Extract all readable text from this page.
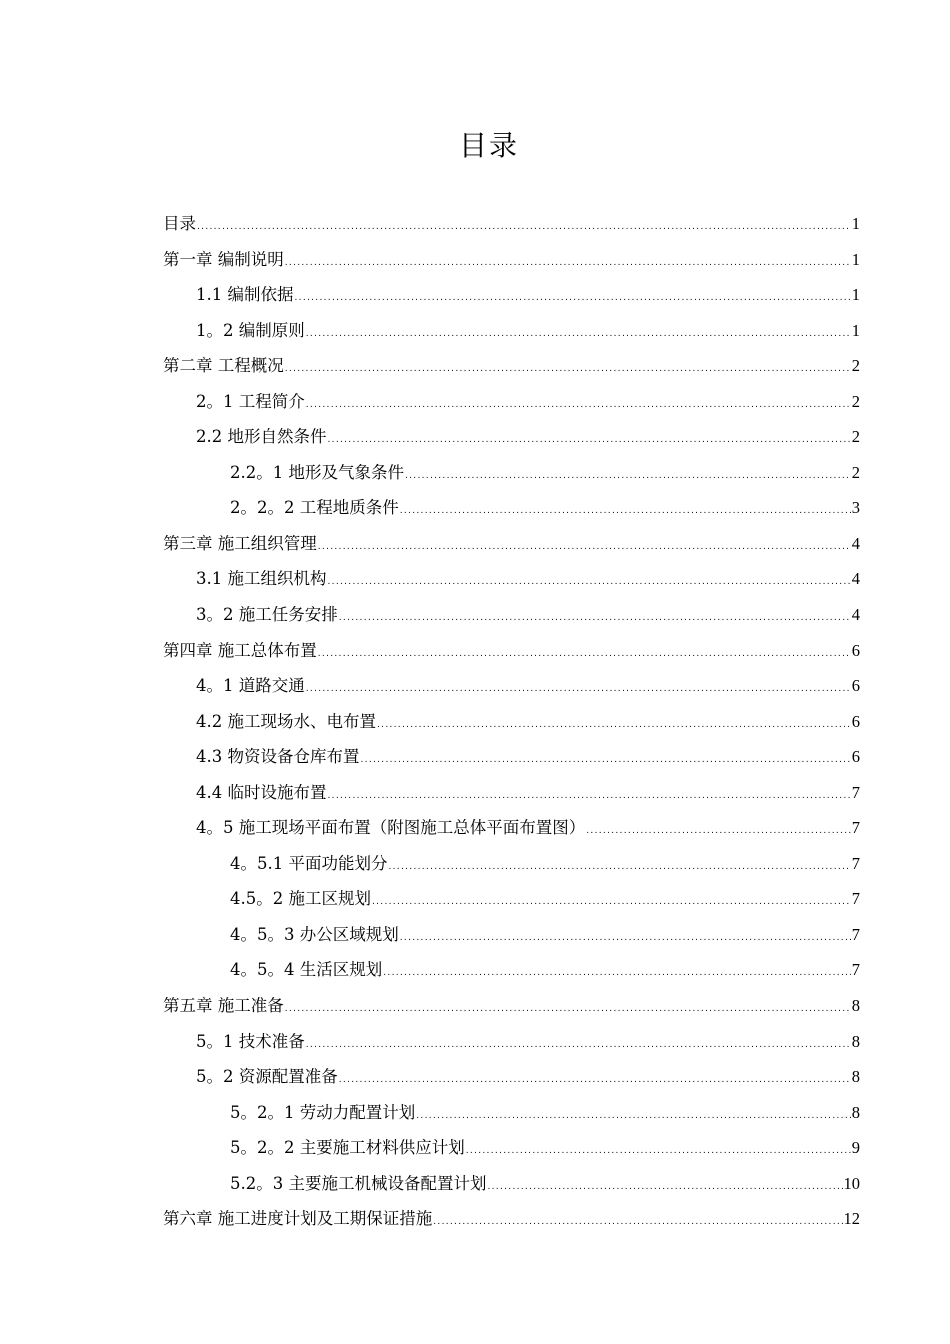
目录
目录 .....	1
第一章 编制说明 .....	1
1.1 编制依据 .....	1
1。2 编制原则 .....	1
第二章 工程概况 .....	2
2。1 工程简介 .....	2
2.2 地形自然条件 .....	2
2.2。1 地形及气象条件 .....	2
2。2。2 工程地质条件 .....	3
第三章 施工组织管理 .....	4
3.1 施工组织机构 .....	4
3。2 施工任务安排 .....	4
第四章 施工总体布置 .....	6
4。1 道路交通 .....	6
4.2 施工现场水、电布置 .....	6
4.3 物资设备仓库布置 .....	6
4.4 临时设施布置 .....	7
4。5 施工现场平面布置（附图施工总体平面布置图） .....	7
4。5.1 平面功能划分 .....	7
4.5。2 施工区规划 .....	7
4。5。3 办公区域规划 .....	7
4。5。4 生活区规划 .....	7
第五章 施工准备 .....	8
5。1 技术准备 .....	8
5。2 资源配置准备 .....	8
5。2。1 劳动力配置计划 .....	8
5。2。2 主要施工材料供应计划 .....	9
5.2。3 主要施工机械设备配置计划 .....	10
第六章 施工进度计划及工期保证措施 .....	12
